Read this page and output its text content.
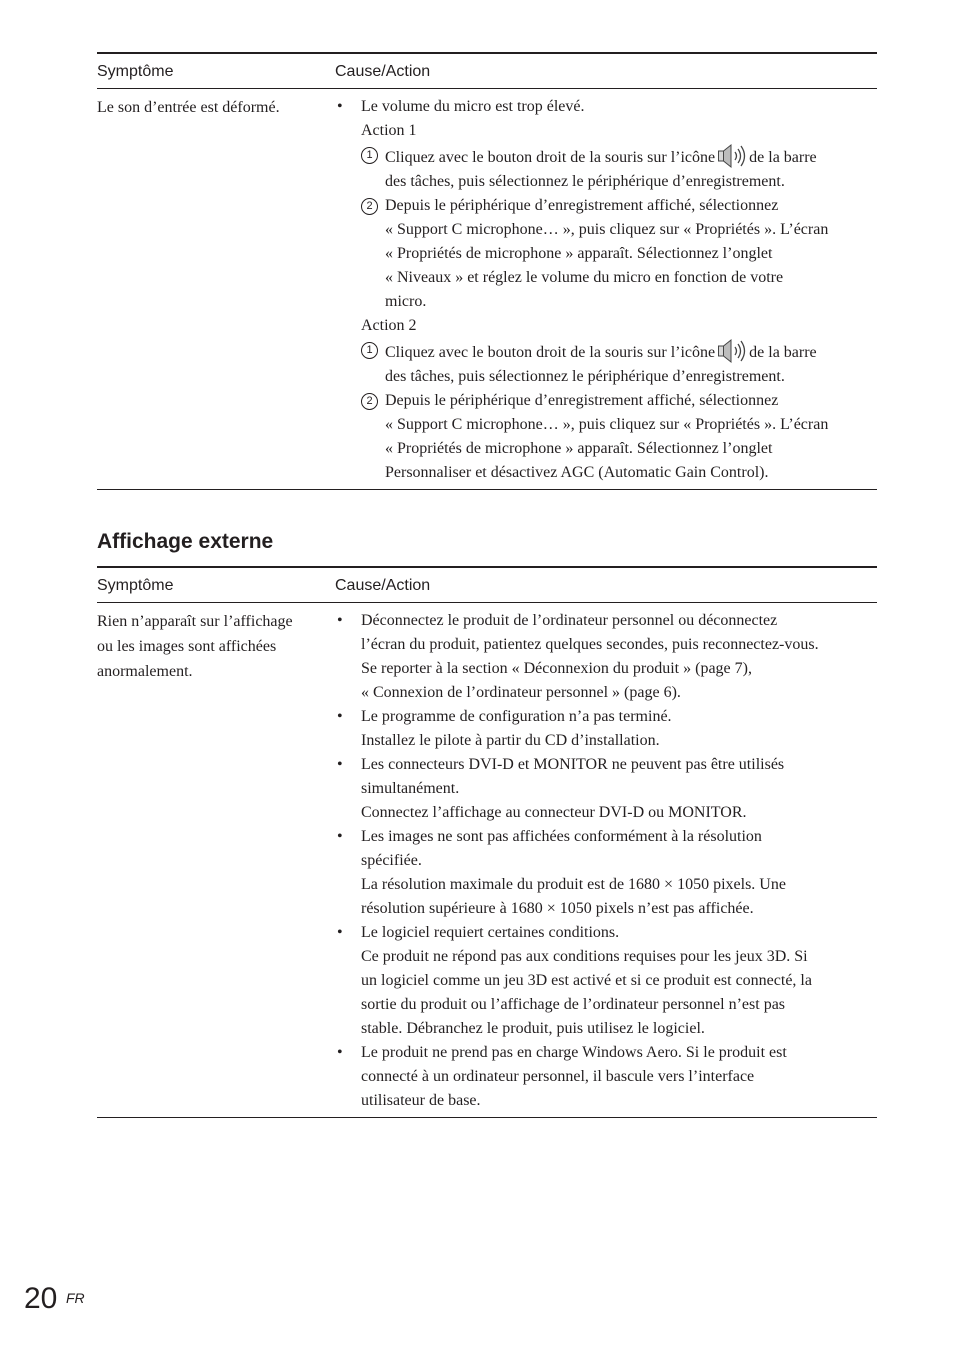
Symptôme	Cause/Action
Le son d’entrée est déformé.
•	Le volume du micro est trop élevé.
Action 1
1 Cliquez avec le bouton droit de la souris sur l’icône de la barre
des tâches, puis sélectionnez le périphérique d’enregistrement.
2 Depuis le périphérique d’enregistrement affiché, sélectionnez
« Support C microphone… », puis cliquez sur « Propriétés ». L’écran
« Propriétés de microphone » apparaît. Sélectionnez l’onglet
« Niveaux » et réglez le volume du micro en fonction de votre
micro.
Action 2
1 Cliquez avec le bouton droit de la souris sur l’icône de la barre
des tâches, puis sélectionnez le périphérique d’enregistrement.
2 Depuis le périphérique d’enregistrement affiché, sélectionnez
« Support C microphone… », puis cliquez sur « Propriétés ». L’écran
« Propriétés de microphone » apparaît. Sélectionnez l’onglet
Personnaliser et désactivez AGC (Automatic Gain Control).
Affichage externe
Symptôme	Cause/Action
Rien n’apparaît sur l’affichage
ou les images sont affichées
anormalement.
• Déconnectez le produit de l’ordinateur personnel ou déconnectez
l’écran du produit, patientez quelques secondes, puis reconnectez-vous.
Se reporter à la section « Déconnexion du produit » (page 7),
« Connexion de l’ordinateur personnel » (page 6).
• Le programme de configuration n’a pas terminé.
Installez le pilote à partir du CD d’installation.
• Les connecteurs DVI-D et MONITOR ne peuvent pas être utilisés
simultanément.
Connectez l’affichage au connecteur DVI-D ou MONITOR.
• Les images ne sont pas affichées conformément à la résolution
spécifiée.
La résolution maximale du produit est de 1680 × 1050 pixels. Une
résolution supérieure à 1680 × 1050 pixels n’est pas affichée.
• Le logiciel requiert certaines conditions.
Ce produit ne répond pas aux conditions requises pour les jeux 3D. Si
un logiciel comme un jeu 3D est activé et si ce produit est connecté, la
sortie du produit ou l’affichage de l’ordinateur personnel n’est pas
stable. Débranchez le produit, puis utilisez le logiciel.
• Le produit ne prend pas en charge Windows Aero. Si le produit est
connecté à un ordinateur personnel, il bascule vers l’interface
utilisateur de base.
20 FR
